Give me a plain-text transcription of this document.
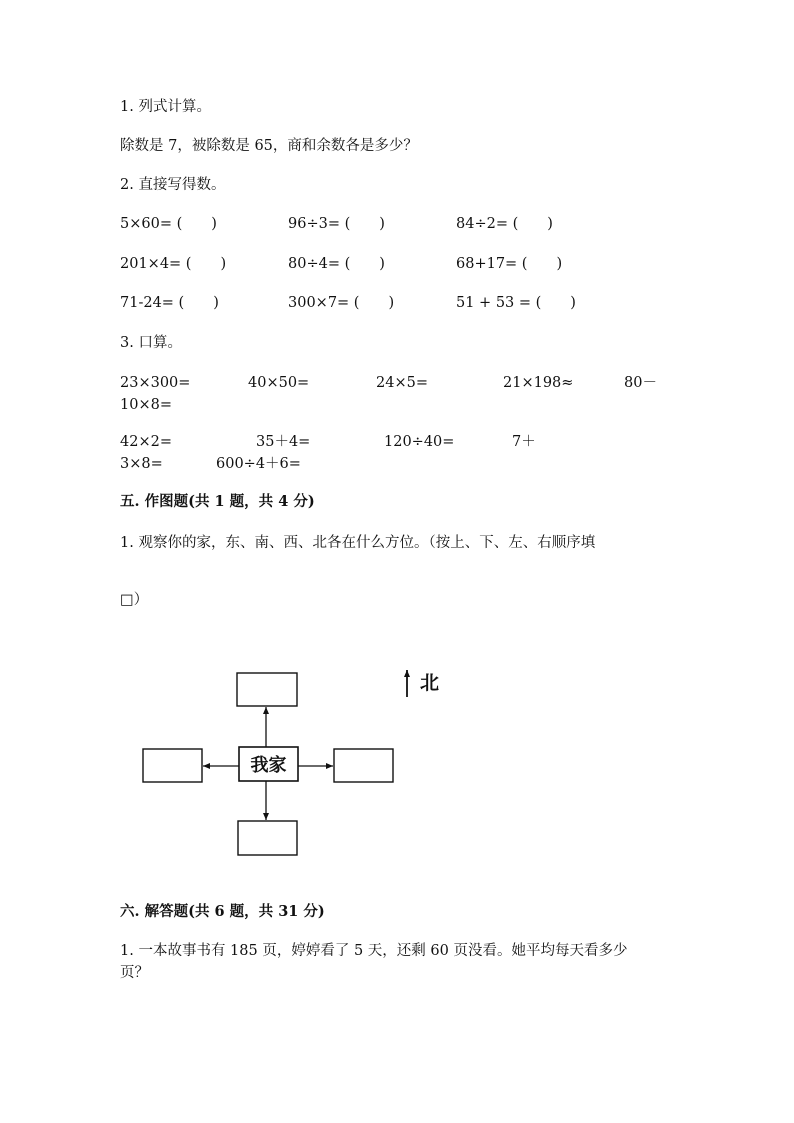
1. 列式计算。
除数是 7，被除数是 65，商和余数各是多少？
2. 直接写得数。
5×60= (　　)	96÷3= (　　)	84÷2= (　　)
201×4= (　　)	80÷4= (　　)	68+17= (　　)
71-24= (　　)	300×7= (　　)	51 + 53 = (　　)
3. 口算。
23×300=	40×50=	24×5=	21×198≈	80－
10×8=
42×2=	35＋4=	120÷40=	7＋
3×8=	600÷4＋6=
五. 作图题(共 1 题，共 4 分)
1. 观察你的家，东、南、西、北各在什么方位。（按上、下、左、右顺序填
□）
我家
北
六. 解答题(共 6 题，共 31 分)
1. 一本故事书有 185 页，婷婷看了 5 天，还剩 60 页没看。她平均每天看多少
页？
